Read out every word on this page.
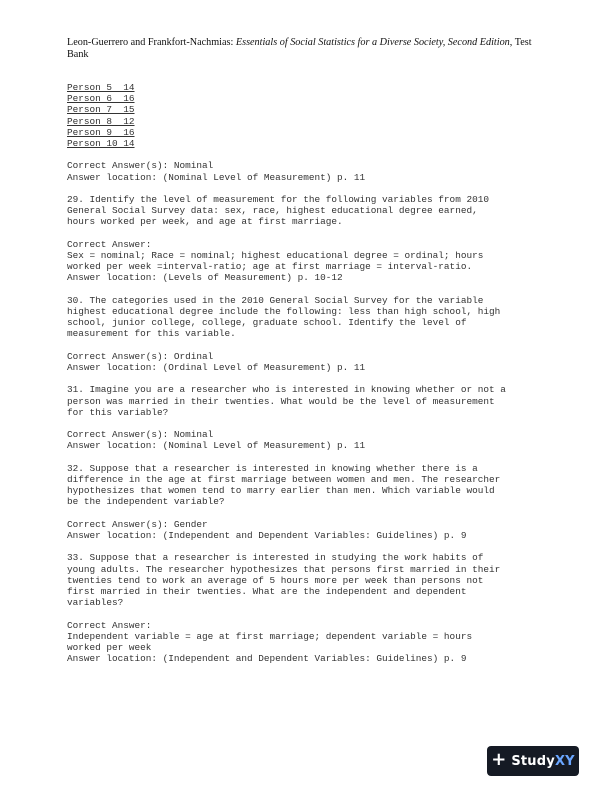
Leon-Guerrero and Frankfort-Nachmias: Essentials of Social Statistics for a Diverse Society, Second Edition, Test Bank
Person 5  14
Person 6  16
Person 7  15
Person 8  12
Person 9  16
Person 10 14

Correct Answer(s): Nominal

Answer location: (Nominal Level of Measurement) p. 11

29. Identify the level of measurement for the following variables from 2010

General Social Survey data: sex, race, highest educational degree earned,

hours worked per week, and age at first marriage.

Correct Answer:

Sex = nominal; Race = nominal; highest educational degree = ordinal; hours

worked per week =interval-ratio; age at first marriage = interval-ratio.

Answer location: (Levels of Measurement) p. 10-12

30. The categories used in the 2010 General Social Survey for the variable

highest educational degree include the following: less than high school, high

school, junior college, college, graduate school. Identify the level of

measurement for this variable.

Correct Answer(s): Ordinal

Answer location: (Ordinal Level of Measurement) p. 11

31. Imagine you are a researcher who is interested in knowing whether or not a

person was married in their twenties. What would be the level of measurement

for this variable?

Correct Answer(s): Nominal

Answer location: (Nominal Level of Measurement) p. 11

32. Suppose that a researcher is interested in knowing whether there is a

difference in the age at first marriage between women and men. The researcher

hypothesizes that women tend to marry earlier than men. Which variable would

be the independent variable?

Correct Answer(s): Gender

Answer location: (Independent and Dependent Variables: Guidelines) p. 9

33. Suppose that a researcher is interested in studying the work habits of

young adults. The researcher hypothesizes that persons first married in their

twenties tend to work an average of 5 hours more per week than persons not

first married in their twenties. What are the independent and dependent

variables?

Correct Answer:

Independent variable = age at first marriage; dependent variable = hours

worked per week

Answer location: (Independent and Dependent Variables: Guidelines) p. 9

+ StudyXY
